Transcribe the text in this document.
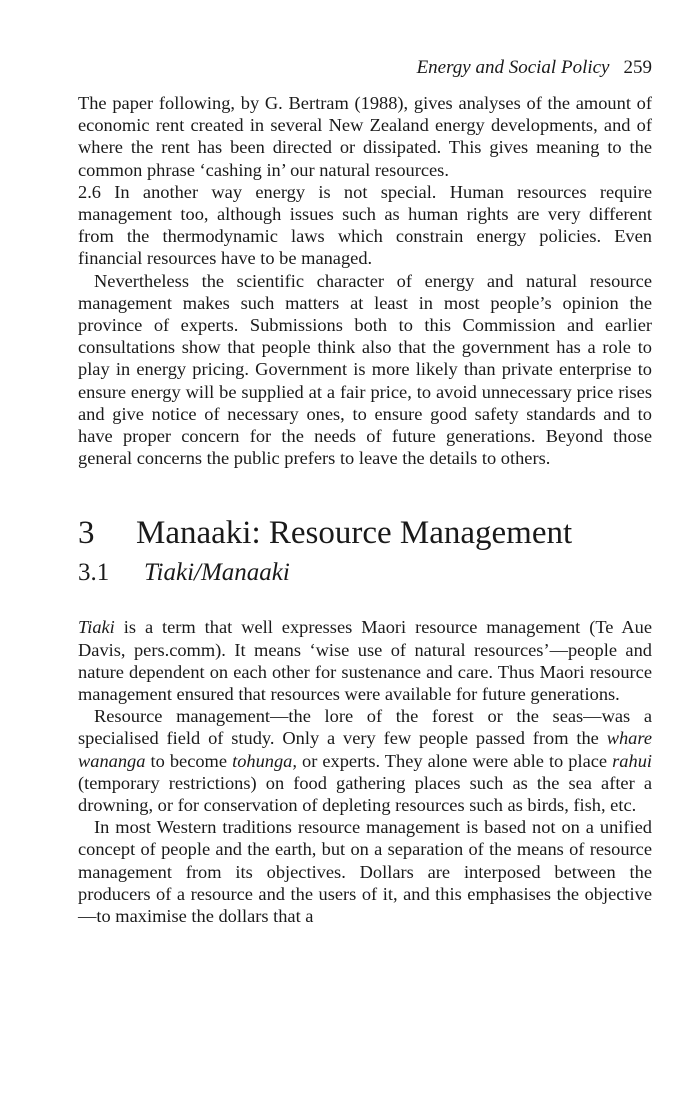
Energy and Social Policy 259

The paper following, by G. Bertram (1988), gives analyses of the amount of economic rent created in several New Zealand energy developments, and of where the rent has been directed or dissipated. This gives meaning to the common phrase ‘cashing in’ our natural resources.

2.6 In another way energy is not special. Human resources require management too, although issues such as human rights are very different from the thermodynamic laws which constrain energy policies. Even financial resources have to be managed.

Nevertheless the scientific character of energy and natural resource management makes such matters at least in most people’s opinion the province of experts. Submissions both to this Commission and earlier consultations show that people think also that the government has a role to play in energy pricing. Government is more likely than private enterprise to ensure energy will be supplied at a fair price, to avoid unnecessary price rises and give notice of necessary ones, to ensure good safety standards and to have proper concern for the needs of future generations. Beyond those general concerns the public prefers to leave the details to others.

3 Manaaki: Resource Management
3.1 Tiaki/Manaaki

Tiaki is a term that well expresses Maori resource management (Te Aue Davis, pers.comm). It means ‘wise use of natural resources’—people and nature dependent on each other for sustenance and care. Thus Maori resource management ensured that resources were available for future generations.

Resource management—the lore of the forest or the seas—was a specialised field of study. Only a very few people passed from the whare wananga to become tohunga, or experts. They alone were able to place rahui (temporary restrictions) on food gathering places such as the sea after a drowning, or for conservation of depleting resources such as birds, fish, etc.

In most Western traditions resource management is based not on a unified concept of people and the earth, but on a separation of the means of resource management from its objectives. Dollars are interposed between the producers of a resource and the users of it, and this emphasises the objective—to maximise the dollars that a
